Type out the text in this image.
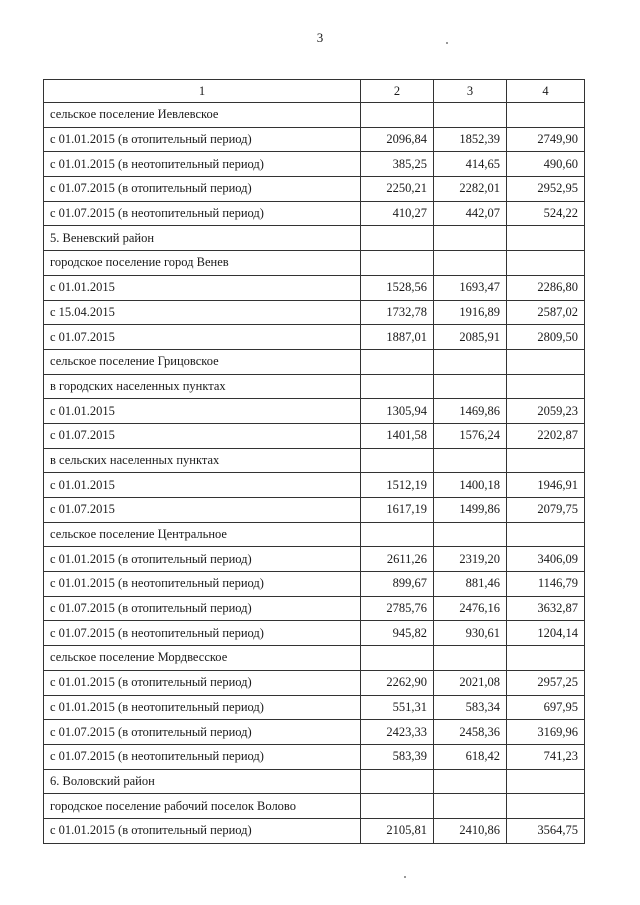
3
1	2	3	4
сельское поселение Иевлевское			
с 01.01.2015 (в отопительный период)	2096,84	1852,39	2749,90
с 01.01.2015 (в неотопительный период)	385,25	414,65	490,60
с 01.07.2015 (в отопительный период)	2250,21	2282,01	2952,95
с 01.07.2015 (в неотопительный период)	410,27	442,07	524,22
5. Веневский район			
городское поселение город Венев			
с 01.01.2015	1528,56	1693,47	2286,80
с 15.04.2015	1732,78	1916,89	2587,02
с 01.07.2015	1887,01	2085,91	2809,50
сельское поселение Грицовское			
в городских населенных пунктах			
с 01.01.2015	1305,94	1469,86	2059,23
с 01.07.2015	1401,58	1576,24	2202,87
в сельских населенных пунктах			
с 01.01.2015	1512,19	1400,18	1946,91
с 01.07.2015	1617,19	1499,86	2079,75
сельское поселение Центральное			
с 01.01.2015 (в отопительный период)	2611,26	2319,20	3406,09
с 01.01.2015 (в неотопительный период)	899,67	881,46	1146,79
с 01.07.2015 (в отопительный период)	2785,76	2476,16	3632,87
с 01.07.2015 (в неотопительный период)	945,82	930,61	1204,14
сельское поселение Мордвесское			
с 01.01.2015 (в отопительный период)	2262,90	2021,08	2957,25
с 01.01.2015 (в неотопительный период)	551,31	583,34	697,95
с 01.07.2015 (в отопительный период)	2423,33	2458,36	3169,96
с 01.07.2015 (в неотопительный период)	583,39	618,42	741,23
6. Воловский район			
городское поселение рабочий поселок Волово			
с 01.01.2015 (в отопительный период)	2105,81	2410,86	3564,75
